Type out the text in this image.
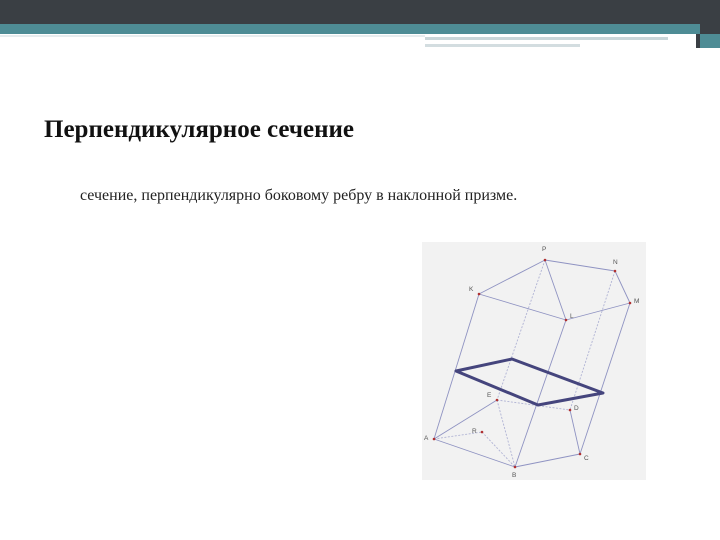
Перпендикулярное сечение
сечение, перпендикулярно боковому ребру в наклонной призме.
P
N
K
M
L
E
D
R
A
C
B
